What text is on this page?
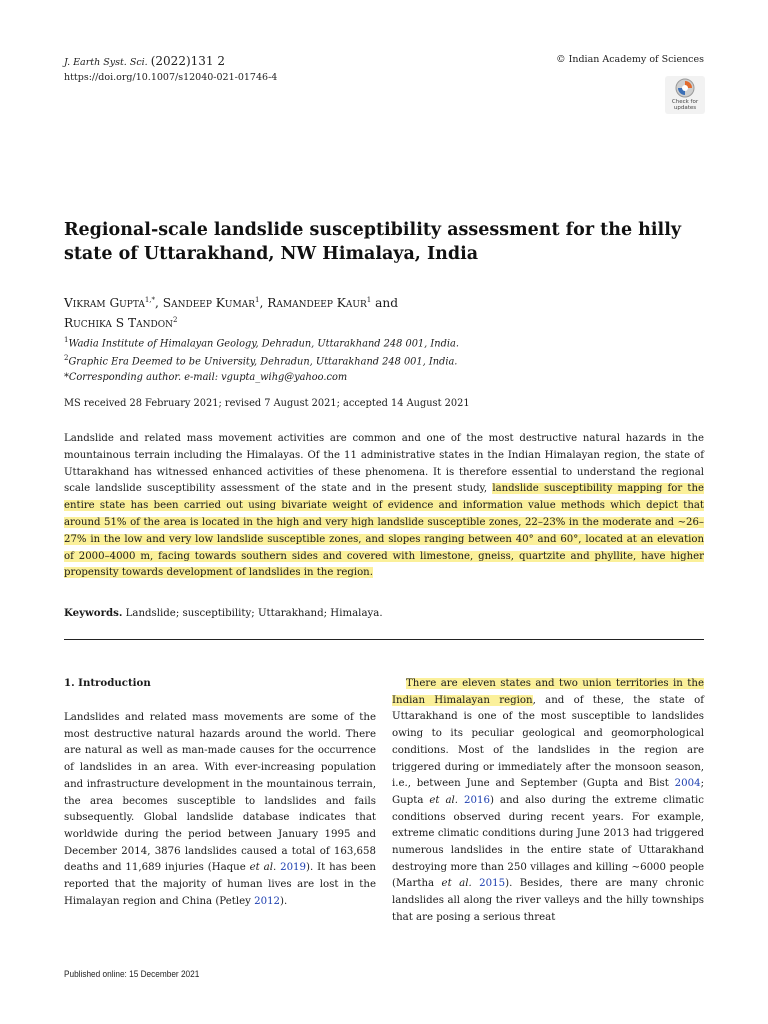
J. Earth Syst. Sci. (2022)131 2
https://doi.org/10.1007/s12040-021-01746-4
© Indian Academy of Sciences
Check for
updates
Regional-scale landslide susceptibility assessment for the hilly state of Uttarakhand, NW Himalaya, India
Vikram Gupta$^{1,*}$, Sandeep Kumar$^1$, Ramandeep Kaur$^1$ and
Ruchika S Tandon$^2$
$^1$Wadia Institute of Himalayan Geology, Dehradun, Uttarakhand 248 001, India.
$^2$Graphic Era Deemed to be University, Dehradun, Uttarakhand 248 001, India.
*Corresponding author. e-mail: vgupta_wihg@yahoo.com
MS received 28 February 2021; revised 7 August 2021; accepted 14 August 2021
Landslide and related mass movement activities are common and one of the most destructive natural hazards in the mountainous terrain including the Himalayas. Of the 11 administrative states in the Indian Himalayan region, the state of Uttarakhand has witnessed enhanced activities of these phenomena. It is therefore essential to understand the regional scale landslide susceptibility assessment of the state and in the present study, landslide susceptibility mapping for the entire state has been carried out using bivariate weight of evidence and information value methods which depict that around 51% of the area is located in the high and very high landslide susceptible zones, 22–23% in the moderate and ∼26–27% in the low and very low landslide susceptible zones, and slopes ranging between 40° and 60°, located at an elevation of 2000–4000 m, facing towards southern sides and covered with limestone, gneiss, quartzite and phyllite, have higher propensity towards development of landslides in the region.
Keywords. Landslide; susceptibility; Uttarakhand; Himalaya.
1. Introduction
Landslides and related mass movements are some of the most destructive natural hazards around the world. There are natural as well as man-made causes for the occurrence of landslides in an area. With ever-increasing population and infrastructure development in the mountainous terrain, the area becomes susceptible to landslides and fails subsequently. Global landslide database indicates that worldwide during the period between January 1995 and December 2014, 3876 landslides caused a total of 163,658 deaths and 11,689 injuries (Haque et al. 2019). It has been reported that the majority of human lives are lost in the Himalayan region and China (Petley 2012).
There are eleven states and two union territories in the Indian Himalayan region, and of these, the state of Uttarakhand is one of the most susceptible to landslides owing to its peculiar geological and geomorphological conditions. Most of the landslides in the region are triggered during or immediately after the monsoon season, i.e., between June and September (Gupta and Bist 2004; Gupta et al. 2016) and also during the extreme climatic conditions observed during recent years. For example, extreme climatic conditions during June 2013 had triggered numerous landslides in the entire state of Uttarakhand destroying more than 250 villages and killing ∼6000 people (Martha et al. 2015). Besides, there are many chronic landslides all along the river valleys and the hilly townships that are posing a serious threat
Published online: 15 December 2021
